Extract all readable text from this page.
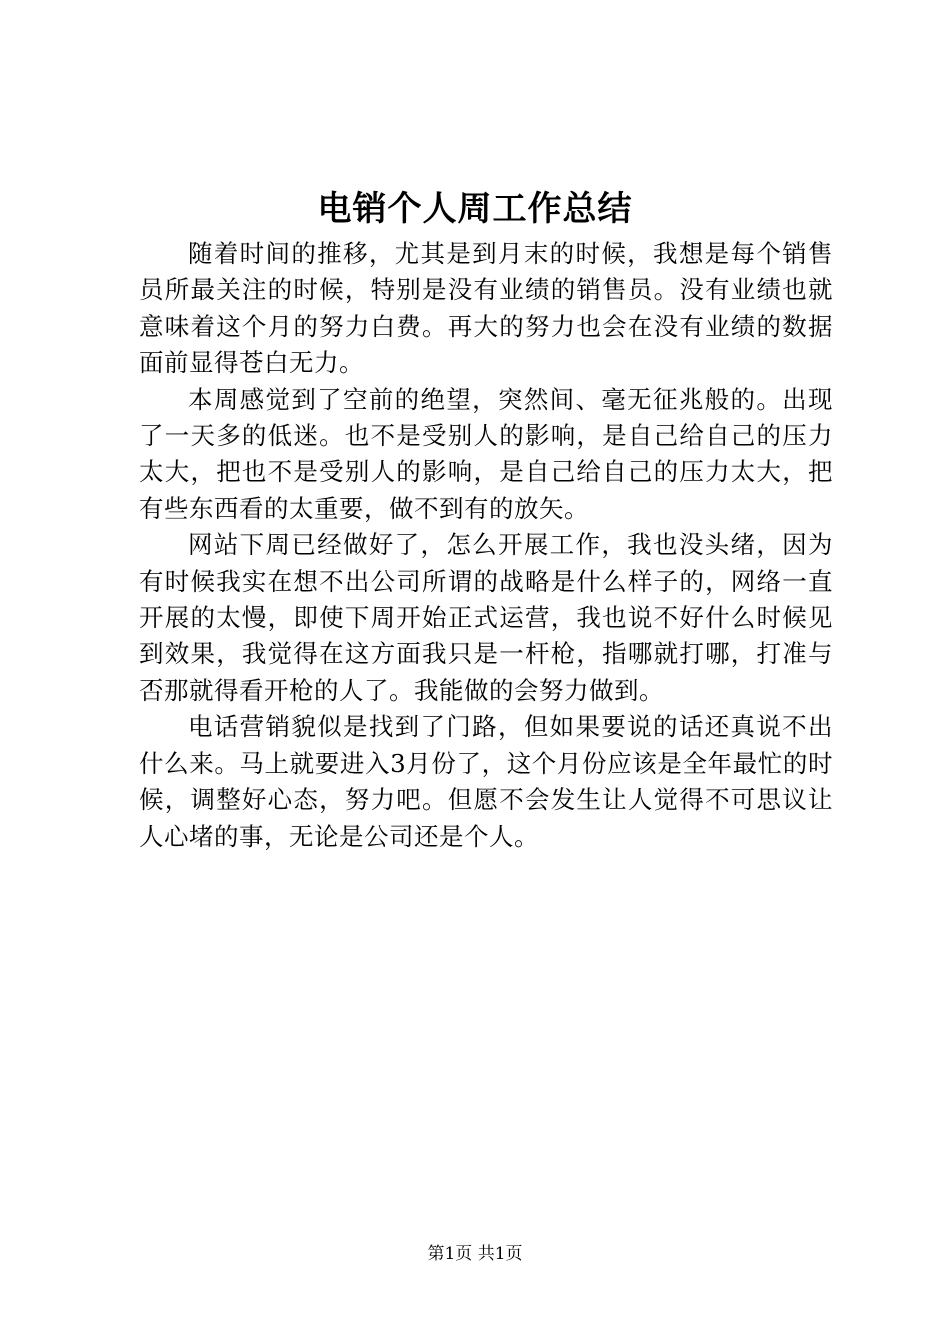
电销个人周工作总结

随着时间的推移，尤其是到月末的时候，我想是每个销售员所最关注的时候，特别是没有业绩的销售员。没有业绩也就意味着这个月的努力白费。再大的努力也会在没有业绩的数据面前显得苍白无力。

本周感觉到了空前的绝望，突然间、毫无征兆般的。出现了一天多的低迷。也不是受别人的影响，是自己给自己的压力太大，把也不是受别人的影响，是自己给自己的压力太大，把有些东西看的太重要，做不到有的放矢。

网站下周已经做好了，怎么开展工作，我也没头绪，因为有时候我实在想不出公司所谓的战略是什么样子的，网络一直开展的太慢，即使下周开始正式运营，我也说不好什么时候见到效果，我觉得在这方面我只是一杆枪，指哪就打哪，打准与否那就得看开枪的人了。我能做的会努力做到。

电话营销貌似是找到了门路，但如果要说的话还真说不出什么来。马上就要进入3月份了，这个月份应该是全年最忙的时候，调整好心态，努力吧。但愿不会发生让人觉得不可思议让人心堵的事，无论是公司还是个人。

第1页 共1页
